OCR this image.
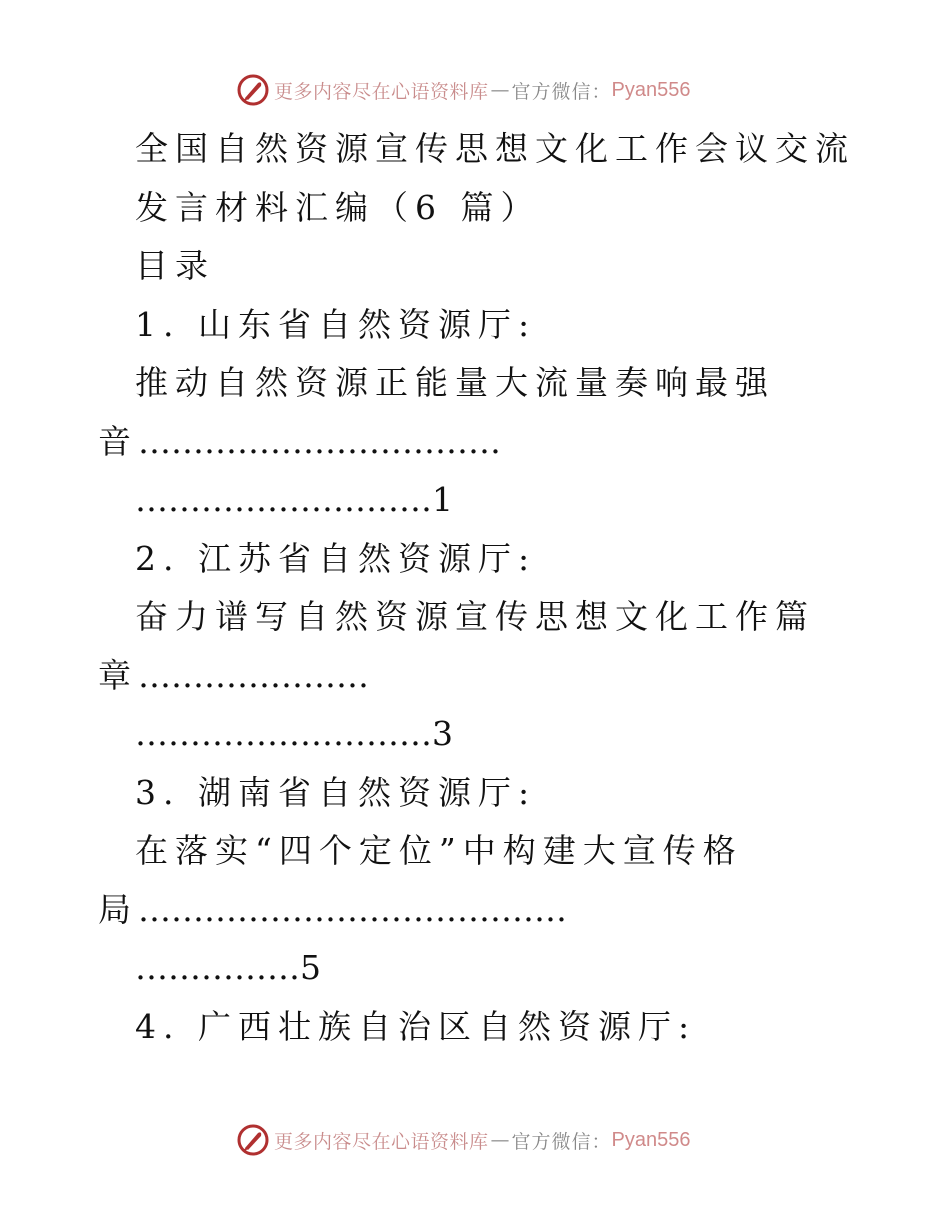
更多内容尽在心语资料库 — 官方微信： Pyan556
全国自然资源宣传思想文化工作会议交流
发言材料汇编（6 篇）
目录
1. 山东省自然资源厅:
推动自然资源正能量大流量奏响最强
音……………………………
………………………1
2. 江苏省自然资源厅:
奋力谱写自然资源宣传思想文化工作篇
章…………………
………………………3
3. 湖南省自然资源厅:
在落实“四个定位”中构建大宣传格
局…………………………………
……………5
4. 广西壮族自治区自然资源厅:
更多内容尽在心语资料库 — 官方微信： Pyan556
